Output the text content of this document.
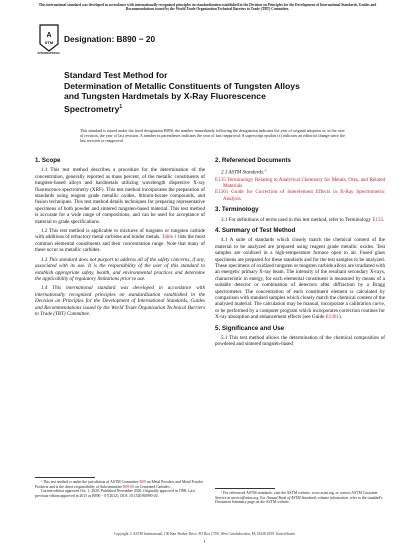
This international standard was developed in accordance with internationally recognized principles on standardization established in the Decision on Principles for the Development of International Standards, Guides and Recommendations issued by the World Trade Organization Technical Barriers to Trade (TBT) Committee.
A
STM
INTERNATIONAL
Designation: B890 − 20
Standard Test Method for
Determination of Metallic Constituents of Tungsten Alloys
and Tungsten Hardmetals by X-Ray Fluorescence
Spectrometry$^1$
This standard is issued under the fixed designation B890; the number immediately following the designation indicates the year of original adoption or, in the case of revision, the year of last revision. A number in parentheses indicates the year of last reapproval. A superscript epsilon (ε) indicates an editorial change since the last revision or reapproval.
1. Scope

1.1 This test method describes a procedure for the determination of the concentration, generally reported as mass percent, of the metallic constituents of tungsten-based alloys and hardmetals utilizing wavelength dispersive X-ray fluorescence spectrometry (XRF). This test method incorporates the preparation of standards using reagent grade metallic oxides, lithium-borate compounds, and fusion techniques. This test method details techniques for preparing representative specimens of both powder and sintered tungsten-based material. This test method is accurate for a wide range of compositions, and can be used for acceptance of material to grade specifications.

1.2 This test method is applicable to mixtures of tungsten or tungsten carbide with additions of refractory metal carbides and binder metals. Table 1 lists the most common elemental constituents and their concentration range. Note that many of these occur as metallic carbides.

1.3 This standard does not purport to address all of the safety concerns, if any, associated with its use. It is the responsibility of the user of this standard to establish appropriate safety, health, and environmental practices and determine the applicability of regulatory limitations prior to use.

1.4 This international standard was developed in accordance with internationally recognized principles on standardization established in the Decision on Principles for the Development of International Standards, Guides and Recommendations issued by the World Trade Organization Technical Barriers to Trade (TBT) Committee.

¹ This test method is under the jurisdiction of ASTM Committee B09 on Metal Powders and Metal Powder Products and is the direct responsibility of Subcommittee B09.06 on Cemented Carbides.

Current edition approved Oct. 1, 2020. Published November 2020. Originally approved in 1998. Last previous edition approved in 2015 as B890 − 07(2012). DOI: 10.1520/B0890-20.

2. Referenced Documents

2.1 ASTM Standards:$^2$

E135 Terminology Relating to Analytical Chemistry for Metals, Ores, and Related Materials

E1361 Guide for Correction of Interelement Effects in X-Ray Spectrometric Analysis

3. Terminology

3.1 For definitions of terms used in this test method, refer to Terminology E135.

4. Summary of Test Method

4.1 A suite of standards which closely match the chemical content of the material to be analyzed are prepared using reagent grade metallic oxides. Test samples are oxidized in a high-temperature furnace open to air. Fused glass specimens are prepared for these standards and for the test samples to be analyzed. These specimens of oxidized tungsten or tungsten carbide alloys are irradiated with an energetic primary X-ray beam. The intensity of the resultant secondary X-rays, characteristic in energy, for each elemental constituent is measured by means of a suitable detector or combination of detectors after diffraction by a Bragg spectrometer. The concentration of each constituent element is calculated by comparison with standard samples which closely match the chemical content of the analyzed material. The calculation may be manual, incorporate a calibration curve, or be performed by a computer program which incorporates correction routines for X-ray absorption and enhancement effects (see Guide E1361).

5. Significance and Use

5.1 This test method allows the determination of the chemical composition of powdered and sintered tungsten-based

² For referenced ASTM standards, visit the ASTM website, www.astm.org, or contact ASTM Customer Service at service@astm.org. For Annual Book of ASTM Standards volume information, refer to the standard's Document Summary page on the ASTM website.

Copyright © ASTM International, 100 Barr Harbor Drive, PO Box C700, West Conshohocken, PA 19428-2959. United States
1
